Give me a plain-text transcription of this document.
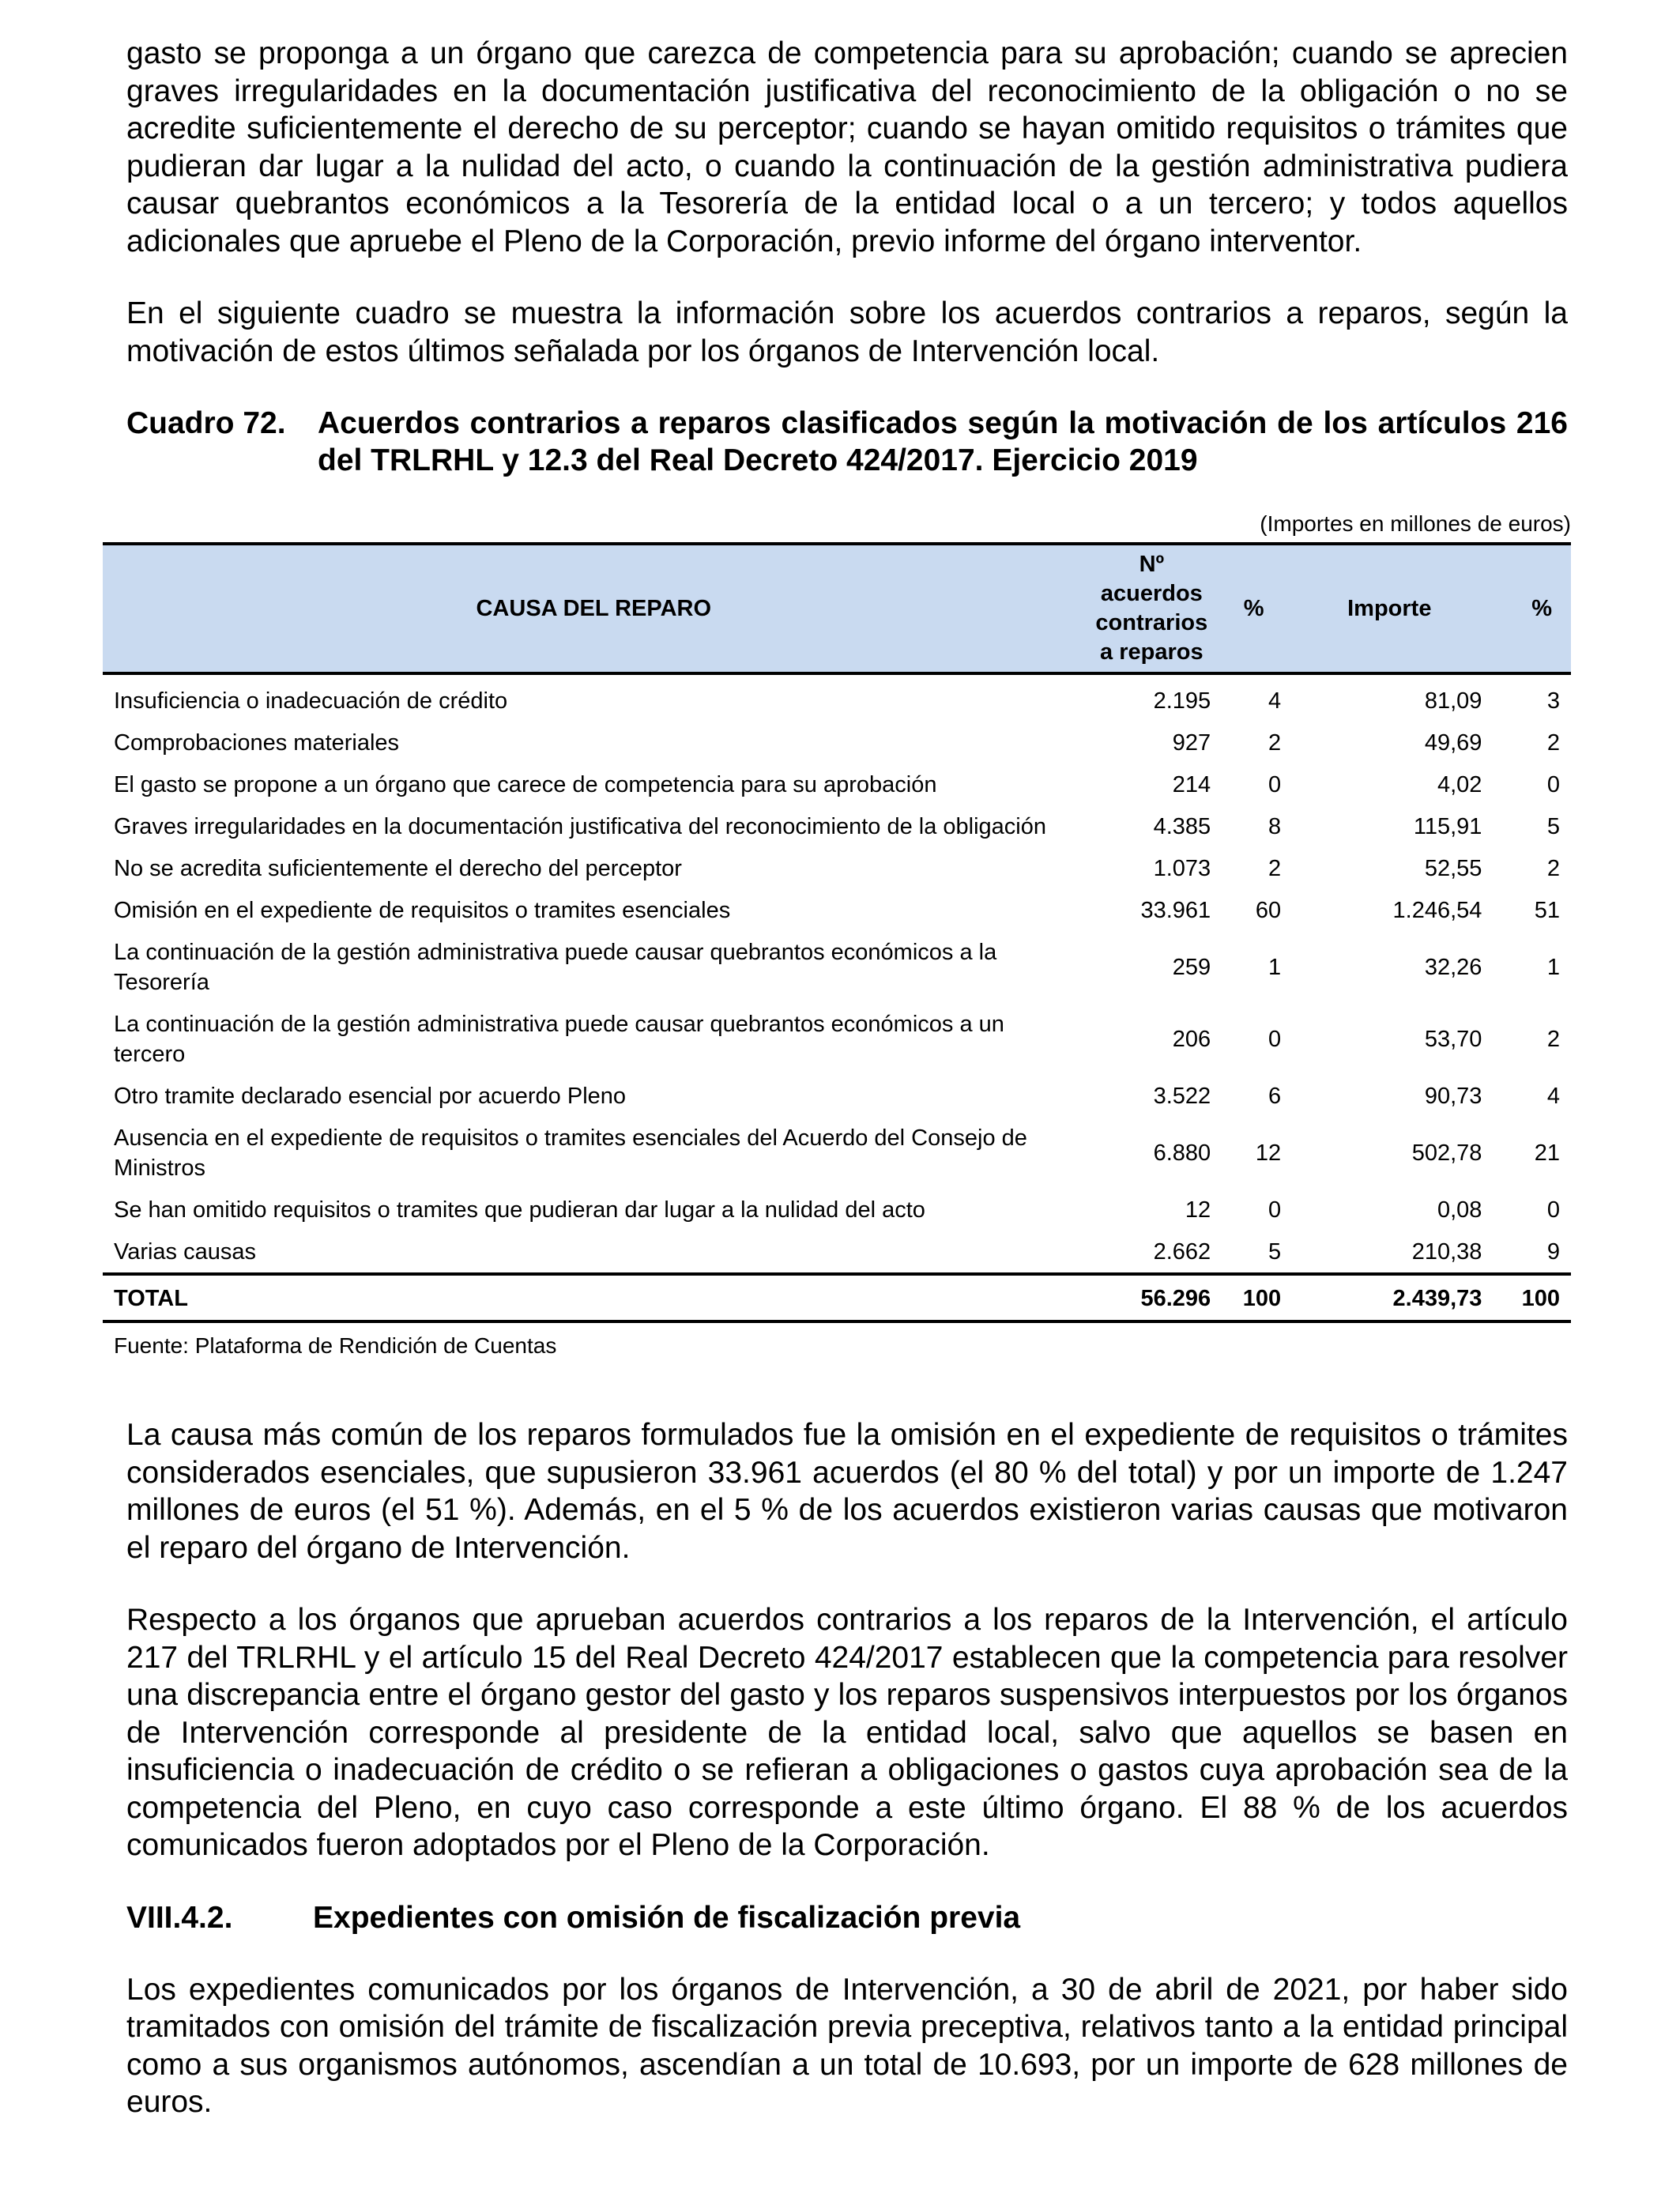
gasto se proponga a un órgano que carezca de competencia para su aprobación; cuando se aprecien graves irregularidades en la documentación justificativa del reconocimiento de la obligación o no se acredite suficientemente el derecho de su perceptor; cuando se hayan omitido requisitos o trámites que pudieran dar lugar a la nulidad del acto, o cuando la continuación de la gestión administrativa pudiera causar quebrantos económicos a la Tesorería de la entidad local o a un tercero; y todos aquellos adicionales que apruebe el Pleno de la Corporación, previo informe del órgano interventor.

En el siguiente cuadro se muestra la información sobre los acuerdos contrarios a reparos, según la motivación de estos últimos señalada por los órganos de Intervención local.

Cuadro 72.	Acuerdos contrarios a reparos clasificados según la motivación de los artículos 216 del TRLRHL y 12.3 del Real Decreto 424/2017. Ejercicio 2019
(Importes en millones de euros)
CAUSA DEL REPARO	Nº
acuerdos
contrarios
a reparos	%	Importe	%
Insuficiencia o inadecuación de crédito	2.195	4	81,09	3
Comprobaciones materiales	927	2	49,69	2
El gasto se propone a un órgano que carece de competencia para su aprobación	214	0	4,02	0
Graves irregularidades en la documentación justificativa del reconocimiento de la obligación	4.385	8	115,91	5
No se acredita suficientemente el derecho del perceptor	1.073	2	52,55	2
Omisión en el expediente de requisitos o tramites esenciales	33.961	60	1.246,54	51
La continuación de la gestión administrativa puede causar quebrantos económicos a la Tesorería	259	1	32,26	1
La continuación de la gestión administrativa puede causar quebrantos económicos a un tercero	206	0	53,70	2
Otro tramite declarado esencial por acuerdo Pleno	3.522	6	90,73	4
Ausencia en el expediente de requisitos o tramites esenciales del Acuerdo del Consejo de Ministros	6.880	12	502,78	21
Se han omitido requisitos o tramites que pudieran dar lugar a la nulidad del acto	12	0	0,08	0
Varias causas	2.662	5	210,38	9
TOTAL	56.296	100	2.439,73	100
Fuente: Plataforma de Rendición de Cuentas

La causa más común de los reparos formulados fue la omisión en el expediente de requisitos o trámites considerados esenciales, que supusieron 33.961 acuerdos (el 80 % del total) y por un importe de 1.247 millones de euros (el 51 %). Además, en el 5 % de los acuerdos existieron varias causas que motivaron el reparo del órgano de Intervención.

Respecto a los órganos que aprueban acuerdos contrarios a los reparos de la Intervención, el artículo 217 del TRLRHL y el artículo 15 del Real Decreto 424/2017 establecen que la competencia para resolver una discrepancia entre el órgano gestor del gasto y los reparos suspensivos interpuestos por los órganos de Intervención corresponde al presidente de la entidad local, salvo que aquellos se basen en insuficiencia o inadecuación de crédito o se refieran a obligaciones o gastos cuya aprobación sea de la competencia del Pleno, en cuyo caso corresponde a este último órgano. El 88 % de los acuerdos comunicados fueron adoptados por el Pleno de la Corporación.

VIII.4.2.	Expedientes con omisión de fiscalización previa

Los expedientes comunicados por los órganos de Intervención, a 30 de abril de 2021, por haber sido tramitados con omisión del trámite de fiscalización previa preceptiva, relativos tanto a la entidad principal como a sus organismos autónomos, ascendían a un total de 10.693, por un importe de 628 millones de euros.
